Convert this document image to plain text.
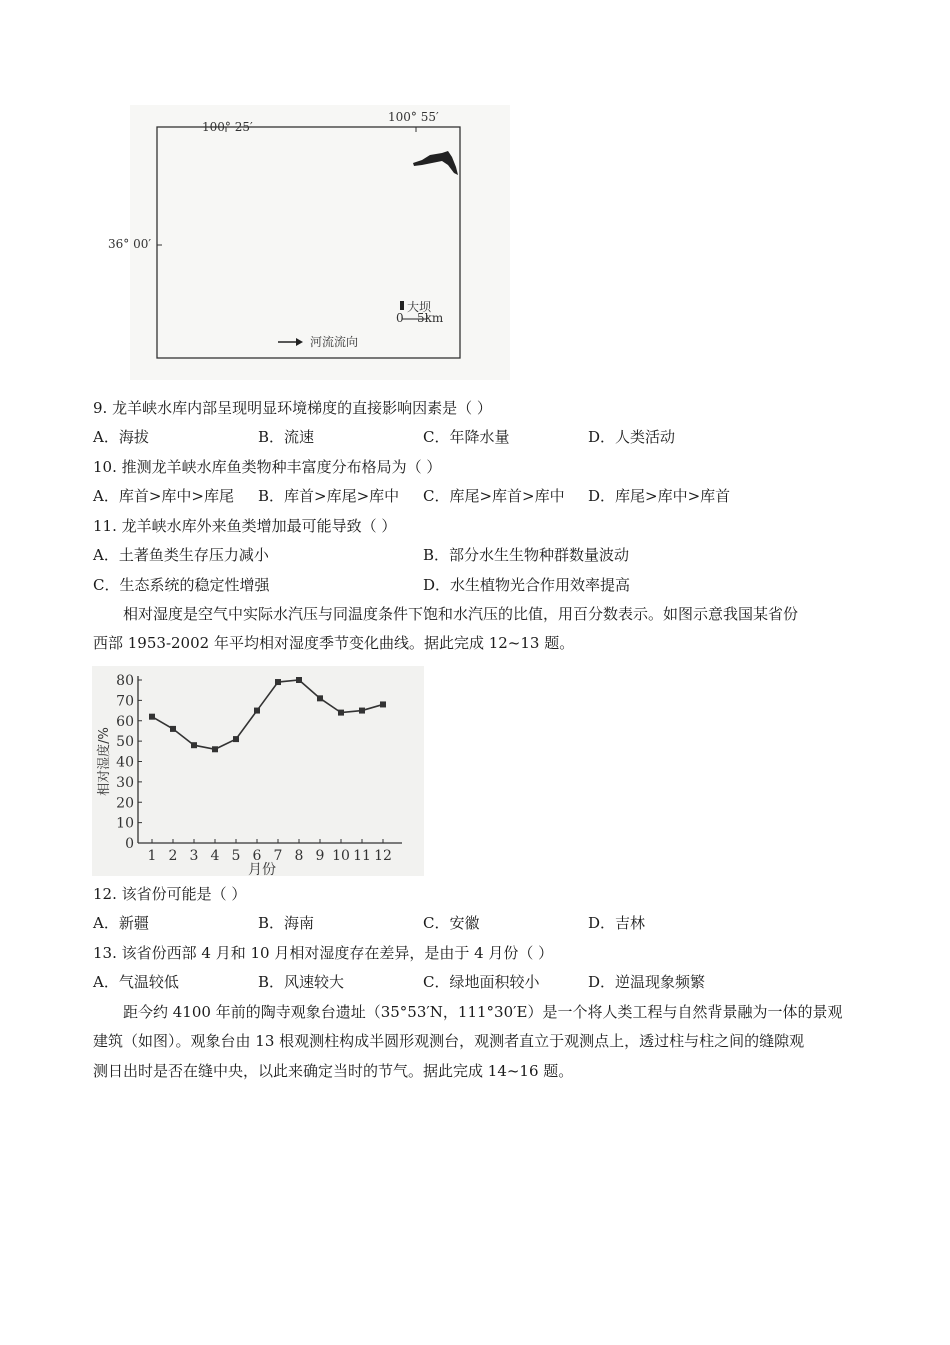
100° 25′
100° 55′
36° 00′
大坝
0 5km
河流流向
9. 龙羊峡水库内部呈现明显环境梯度的直接影响因素是（ ）
A．海拔	B．流速	C．年降水量	D．人类活动
10. 推测龙羊峡水库鱼类物种丰富度分布格局为（ ）
A．库首>库中>库尾 B．库首>库尾>库中 C．库尾>库首>库中 D．库尾>库中>库首
11. 龙羊峡水库外来鱼类增加最可能导致（ ）
A．土著鱼类生存压力减小	B．部分水生生物种群数量波动
C．生态系统的稳定性增强	D．水生植物光合作用效率提高
相对湿度是空气中实际水汽压与同温度条件下饱和水汽压的比值，用百分数表示。如图示意我国某省份
西部 1953-2002 年平均相对湿度季节变化曲线。据此完成 12~13 题。
0
10
20
30
40
50
60
70
80
1 2 3 4 5 6 7 8 9 10 11 12
月份
相对湿度/%
12. 该省份可能是（ ）
A．新疆	B．海南	C．安徽	D．吉林
13. 该省份西部 4 月和 10 月相对湿度存在差异，是由于 4 月份（ ）
A．气温较低	B．风速较大	C．绿地面积较小	D．逆温现象频繁
距今约 4100 年前的陶寺观象台遗址（35°53′N，111°30′E）是一个将人类工程与自然背景融为一体的景观
建筑（如图）。观象台由 13 根观测柱构成半圆形观测台，观测者直立于观测点上，透过柱与柱之间的缝隙观
测日出时是否在缝中央，以此来确定当时的节气。据此完成 14~16 题。
